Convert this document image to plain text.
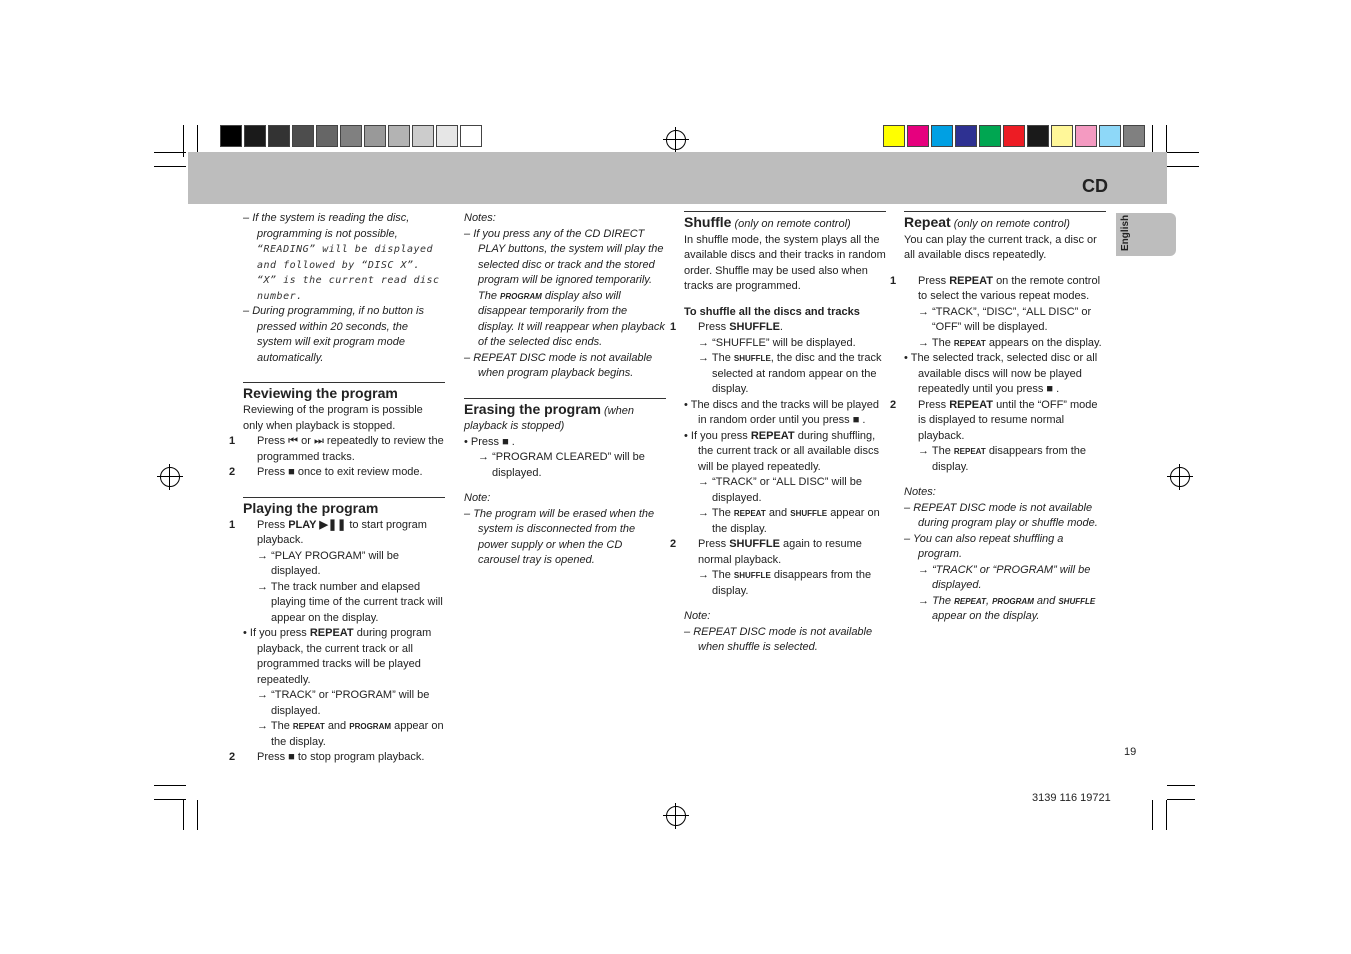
CD
English

– If the system is reading the disc, programming is not possible, “READING” will be displayed and followed by “DISC X”. “X” is the current read disc number.

– During programming, if no button is pressed within 20 seconds, the system will exit program mode automatically.

Reviewing the program

Reviewing of the program is possible only when playback is stopped.

1 Press ⏮ or ⏭ repeatedly to review the programmed tracks.

2 Press ■ once to exit review mode.

Playing the program

1 Press PLAY ▶❚❚ to start program playback.

→ “PLAY PROGRAM” will be displayed.

→ The track number and elapsed playing time of the current track will appear on the display.

• If you press REPEAT during program playback, the current track or all programmed tracks will be played repeatedly.

→ “TRACK” or “PROGRAM” will be displayed.

→ The REPEAT and PROGRAM appear on the display.

2 Press ■ to stop program playback.

Notes:

– If you press any of the CD DIRECT PLAY buttons, the system will play the selected disc or track and the stored program will be ignored temporarily. The PROGRAM display also will disappear temporarily from the display. It will reappear when playback of the selected disc ends.

– REPEAT DISC mode is not available when program playback begins.

Erasing the program (when playback is stopped)

• Press ■ .

→ “PROGRAM CLEARED” will be displayed.

Note:

– The program will be erased when the system is disconnected from the power supply or when the CD carousel tray is opened.

Shuffle (only on remote control)

In shuffle mode, the system plays all the available discs and their tracks in random order. Shuffle may be used also when tracks are programmed.

To shuffle all the discs and tracks

1 Press SHUFFLE.

→ “SHUFFLE” will be displayed.

→ The SHUFFLE, the disc and the track selected at random appear on the display.

• The discs and the tracks will be played in random order until you press ■ .

• If you press REPEAT during shuffling, the current track or all available discs will be played repeatedly.

→ “TRACK” or “ALL DISC” will be displayed.

→ The REPEAT and SHUFFLE appear on the display.

2 Press SHUFFLE again to resume normal playback.

→ The SHUFFLE disappears from the display.

Note:

– REPEAT DISC mode is not available when shuffle is selected.

Repeat (only on remote control)

You can play the current track, a disc or all available discs repeatedly.

1 Press REPEAT on the remote control to select the various repeat modes.

→ “TRACK”, “DISC”, “ALL DISC” or “OFF” will be displayed.

→ The REPEAT appears on the display.

• The selected track, selected disc or all available discs will now be played repeatedly until you press ■ .

2 Press REPEAT until the “OFF” mode is displayed to resume normal playback.

→ The REPEAT disappears from the display.

Notes:

– REPEAT DISC mode is not available during program play or shuffle mode.

– You can also repeat shuffling a program.

→ “TRACK” or “PROGRAM” will be displayed.

→ The REPEAT, PROGRAM and SHUFFLE appear on the display.

19
3139 116 19721
